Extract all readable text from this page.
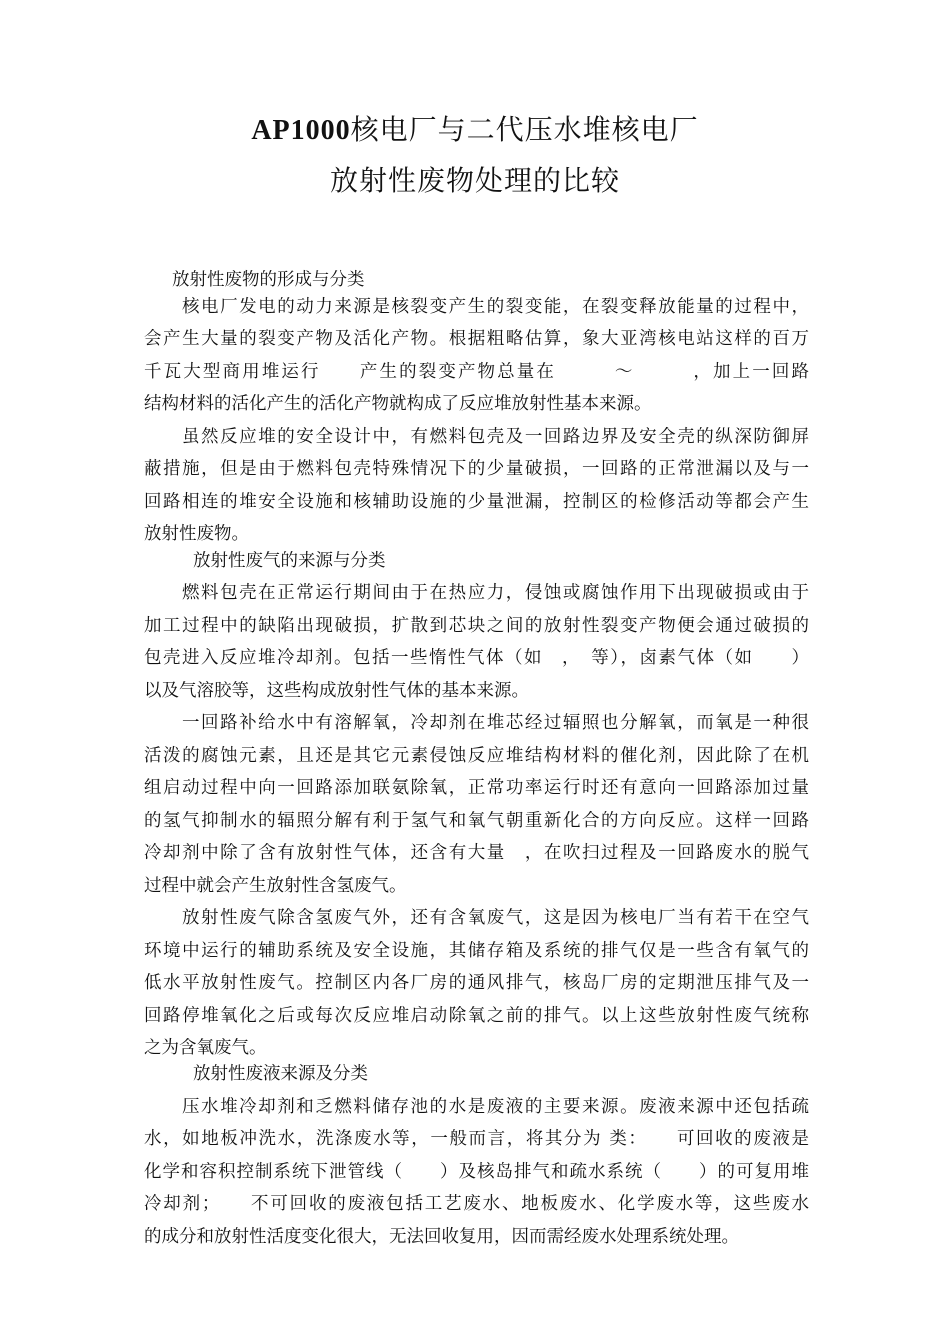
AP1000核电厂与二代压水堆核电厂
放射性废物处理的比较
放射性废物的形成与分类
核电厂发电的动力来源是核裂变产生的裂变能，在裂变释放能量的过程中，
会产生大量的裂变产物及活化产物。根据粗略估算，象大亚湾核电站这样的百万
千瓦大型商用堆运行　　产生的裂变产物总量在　　　～　　　，加上一回路
结构材料的活化产生的活化产物就构成了反应堆放射性基本来源。
虽然反应堆的安全设计中，有燃料包壳及一回路边界及安全壳的纵深防御屏
蔽措施，但是由于燃料包壳特殊情况下的少量破损，一回路的正常泄漏以及与一
回路相连的堆安全设施和核辅助设施的少量泄漏，控制区的检修活动等都会产生
放射性废物。
放射性废气的来源与分类
燃料包壳在正常运行期间由于在热应力，侵蚀或腐蚀作用下出现破损或由于
加工过程中的缺陷出现破损，扩散到芯块之间的放射性裂变产物便会通过破损的
包壳进入反应堆冷却剂。包括一些惰性气体（如　，　等），卤素气体（如　　）
以及气溶胶等，这些构成放射性气体的基本来源。
一回路补给水中有溶解氧，冷却剂在堆芯经过辐照也分解氧，而氧是一种很
活泼的腐蚀元素，且还是其它元素侵蚀反应堆结构材料的催化剂，因此除了在机
组启动过程中向一回路添加联氨除氧，正常功率运行时还有意向一回路添加过量
的氢气抑制水的辐照分解有利于氢气和氧气朝重新化合的方向反应。这样一回路
冷却剂中除了含有放射性气体，还含有大量　，在吹扫过程及一回路废水的脱气
过程中就会产生放射性含氢废气。
放射性废气除含氢废气外，还有含氧废气，这是因为核电厂当有若干在空气
环境中运行的辅助系统及安全设施，其储存箱及系统的排气仅是一些含有氧气的
低水平放射性废气。控制区内各厂房的通风排气，核岛厂房的定期泄压排气及一
回路停堆氧化之后或每次反应堆启动除氧之前的排气。以上这些放射性废气统称
之为含氧废气。
放射性废液来源及分类
压水堆冷却剂和乏燃料储存池的水是废液的主要来源。废液来源中还包括疏
水，如地板冲洗水，洗涤废水等，一般而言，将其分为 类：　　可回收的废液是
化学和容积控制系统下泄管线（　　）及核岛排气和疏水系统（　　）的可复用堆
冷却剂；　　不可回收的废液包括工艺废水、地板废水、化学废水等，这些废水
的成分和放射性活度变化很大，无法回收复用，因而需经废水处理系统处理。
